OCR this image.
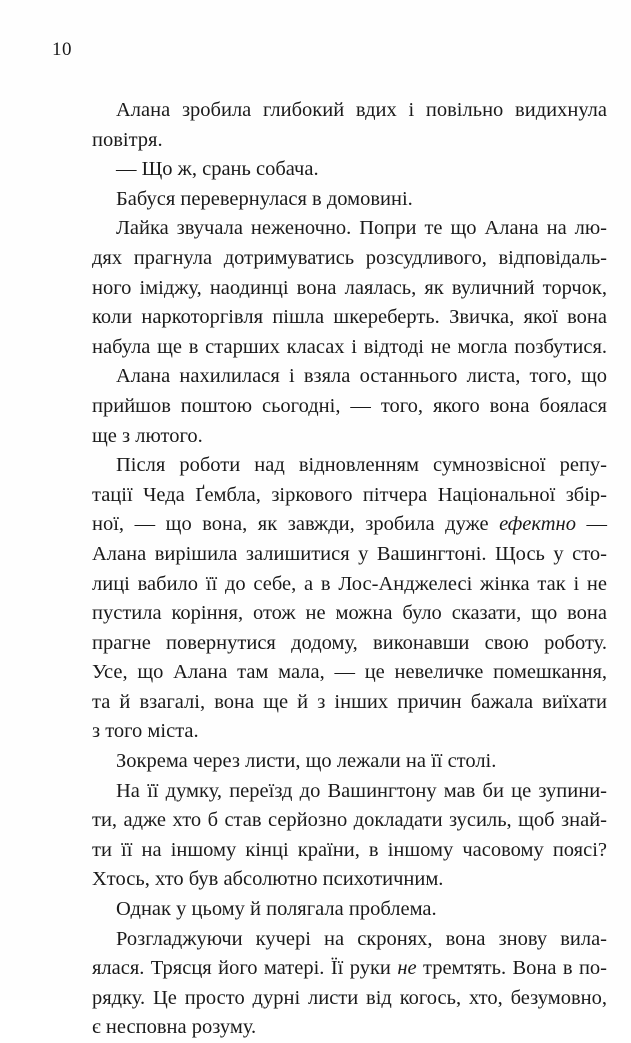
10
Алана зробила глибокий вдих і повільно видихнула
повітря.
— Що ж, срань собача.
Бабуся перевернулася в домовині.
Лайка звучала неженочно. Попри те що Алана на лю-
дях прагнула дотримуватись розсудливого, відповідаль-
ного іміджу, наодинці вона лаялась, як вуличний торчок,
коли наркоторгівля пішла шкереберть. Звичка, якої вона
набула ще в старших класах і відтоді не могла позбутися.
Алана нахилилася і взяла останнього листа, того, що
прийшов поштою сьогодні, — того, якого вона боялася
ще з лютого.
Після роботи над відновленням сумнозвісної репу-
тації Чеда Ґембла, зіркового пітчера Національної збір-
ної, — що вона, як завжди, зробила дуже ефектно —
Алана вирішила залишитися у Вашингтоні. Щось у сто-
лиці вабило її до себе, а в Лос-Анджелесі жінка так і не
пустила коріння, отож не можна було сказати, що вона
прагне повернутися додому, виконавши свою роботу.
Усе, що Алана там мала, — це невеличке помешкання,
та й взагалі, вона ще й з інших причин бажала виїхати
з того міста.
Зокрема через листи, що лежали на її столі.
На її думку, переїзд до Вашингтону мав би це зупини-
ти, адже хто б став серйозно докладати зусиль, щоб знай-
ти її на іншому кінці країни, в іншому часовому поясі?
Хтось, хто був абсолютно психотичним.
Однак у цьому й полягала проблема.
Розгладжуючи кучері на скронях, вона знову вила-
ялася. Трясця його матері. Її руки не тремтять. Вона в по-
рядку. Це просто дурні листи від когось, хто, безумовно,
є несповна розуму.
